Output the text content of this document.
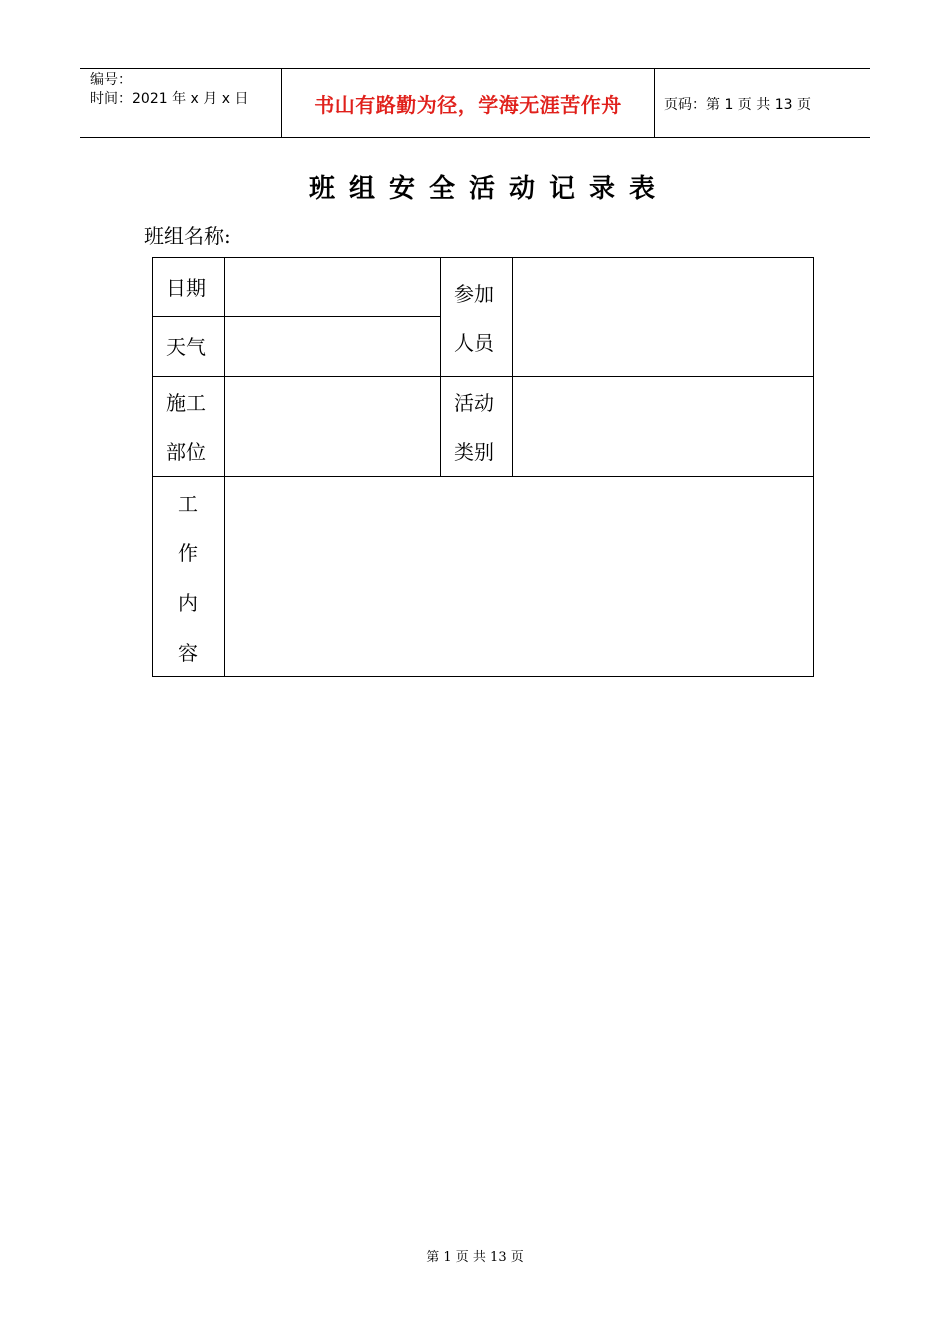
编号：
时间：2021 年 x 月 x 日	书山有路勤为径，学海无涯苦作舟	页码：第 1 页 共 13 页
班组安全活动记录表
班组名称:
日期
天气
参加
人员
施工
部位
活动
类别
工
作
内
容
第 1 页 共 13 页
